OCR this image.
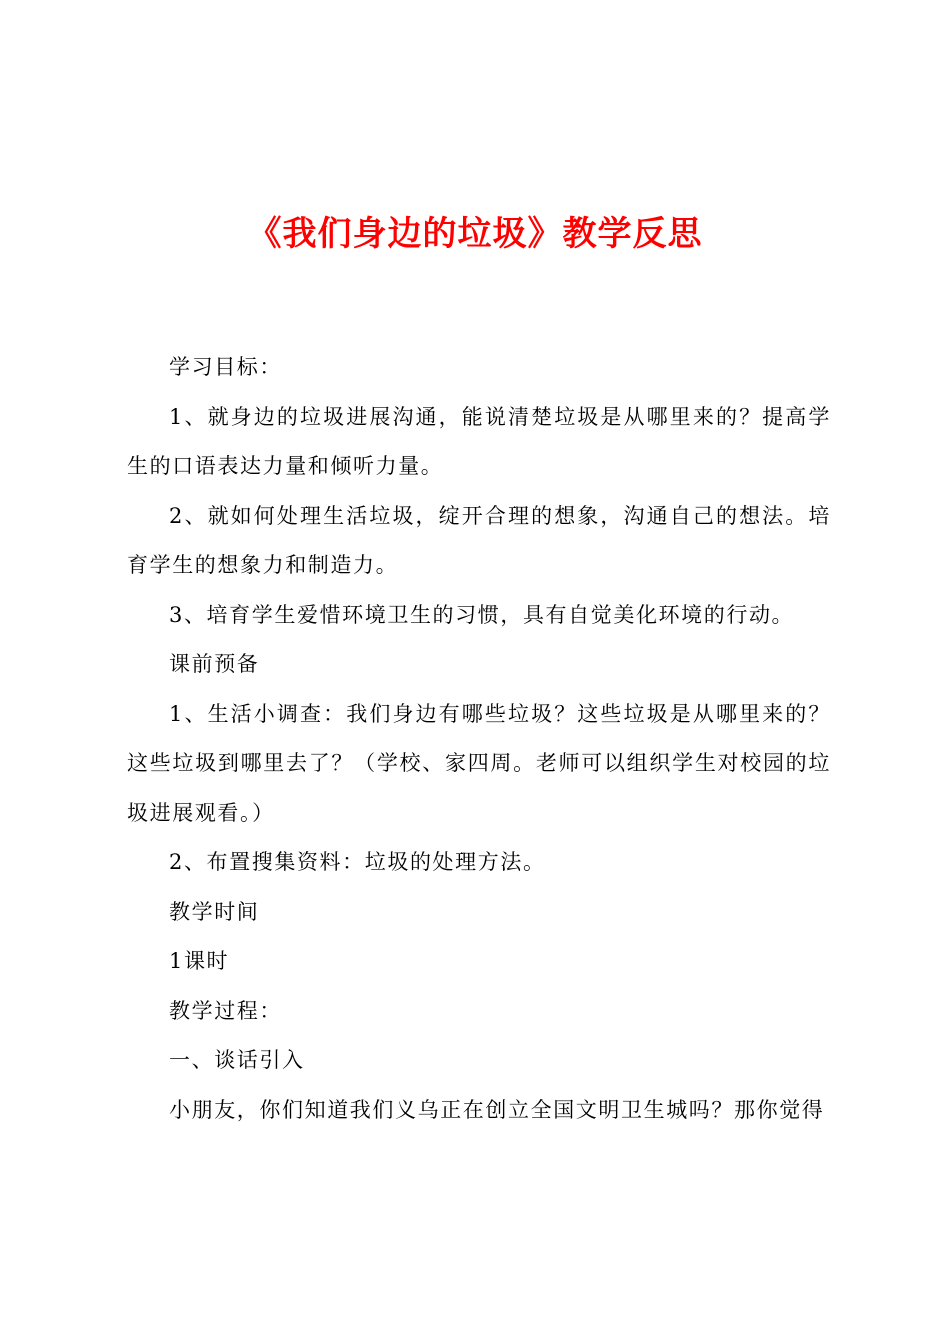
《我们身边的垃圾》教学反思

学习目标：

1、就身边的垃圾进展沟通，能说清楚垃圾是从哪里来的？提高学生的口语表达力量和倾听力量。

2、就如何处理生活垃圾，绽开合理的想象，沟通自己的想法。培育学生的想象力和制造力。

3、培育学生爱惜环境卫生的习惯，具有自觉美化环境的行动。

课前预备

1、生活小调查：我们身边有哪些垃圾？这些垃圾是从哪里来的？这些垃圾到哪里去了？（学校、家四周。老师可以组织学生对校园的垃圾进展观看。）

2、布置搜集资料：垃圾的处理方法。

教学时间

1课时

教学过程：

一、谈话引入

小朋友，你们知道我们义乌正在创立全国文明卫生城吗？那你觉得
